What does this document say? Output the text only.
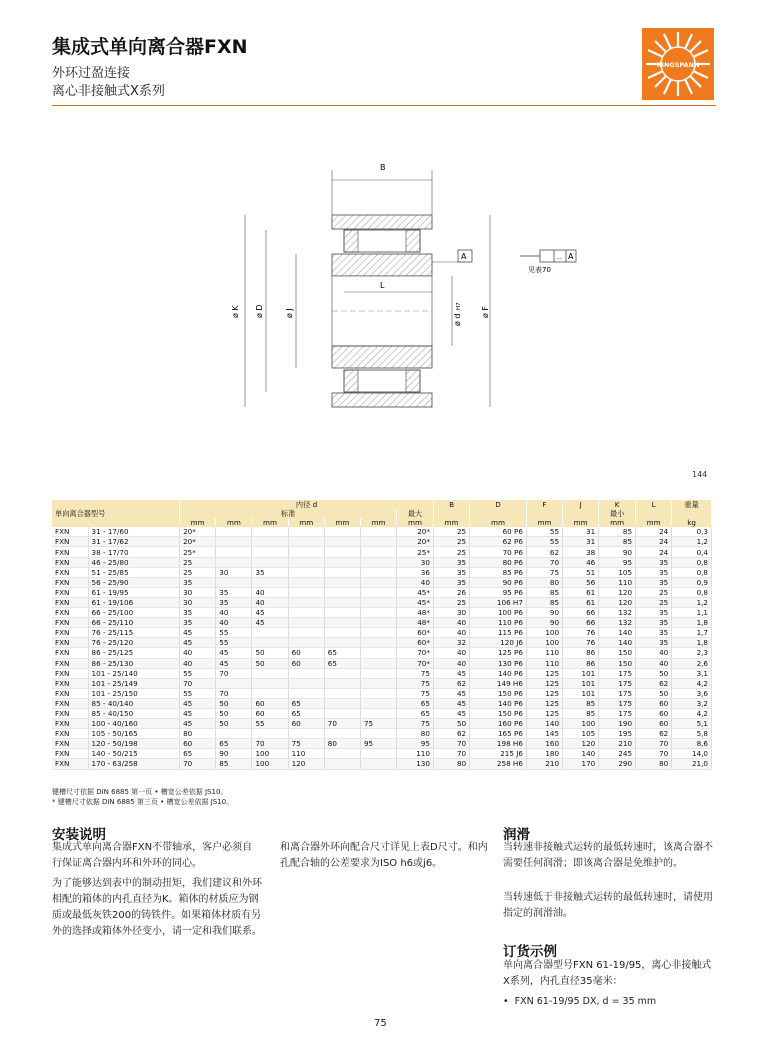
集成式单向离合器FXN
外环过盈连接
离心非接触式X系列
RINGSPANN
B
L
ø K ø D	ø J
ø d
H7 ø F
A	... A
见表70
144
单向离合器型号		内径 d							B	D	F	J	K	L	重量
		标准						最大					最小		
		mm	mm	mm	mm	mm	mm	mm	mm	mm	mm	mm	mm	mm	kg
FXN	31 - 17/60	20*						20*	25	60 P6	55	31	85	24	0,3
FXN	31 - 17/62	20*						20*	25	62 P6	55	31	85	24	1,2
FXN	38 - 17/70	25*						25*	25	70 P6	62	38	90	24	0,4
FXN	46 - 25/80	25						30	35	80 P6	70	46	95	35	0,8
FXN	51 - 25/85	25	30	35				36	35	85 P6	75	51	105	35	0,8
FXN	56 - 25/90	35						40	35	90 P6	80	56	110	35	0,9
FXN	61 - 19/95	30	35	40				45*	26	95 P6	85	61	120	25	0,8
FXN	61 - 19/106	30	35	40				45*	25	106 H7	85	61	120	25	1,2
FXN	66 - 25/100	35	40	45				48*	30	100 P6	90	66	132	35	1,1
FXN	66 - 25/110	35	40	45				48*	40	110 P6	90	66	132	35	1,8
FXN	76 - 25/115	45	55					60*	40	115 P6	100	76	140	35	1,7
FXN	76 - 25/120	45	55					60*	32	120 J6	100	76	140	35	1,8
FXN	86 - 25/125	40	45	50	60	65		70*	40	125 P6	110	86	150	40	2,3
FXN	86 - 25/130	40	45	50	60	65		70*	40	130 P6	110	86	150	40	2,6
FXN	101 - 25/140	55	70					75	45	140 P6	125	101	175	50	3,1
FXN	101 - 25/149	70						75	62	149 H6	125	101	175	62	4,2
FXN	101 - 25/150	55	70					75	45	150 P6	125	101	175	50	3,6
FXN	85 - 40/140	45	50	60	65			65	45	140 P6	125	85	175	60	3,2
FXN	85 - 40/150	45	50	60	65			65	45	150 P6	125	85	175	60	4,2
FXN	100 - 40/160	45	50	55	60	70	75	75	50	160 P6	140	100	190	60	5,1
FXN	105 - 50/165	80						80	62	165 P6	145	105	195	62	5,8
FXN	120 - 50/198	60	65	70	75	80	95	95	70	198 H6	160	120	210	70	8,6
FXN	140 - 50/215	65	90	100	110			110	70	215 J6	180	140	245	70	14,0
FXN	170 - 63/258	70	85	100	120			130	80	258 H6	210	170	290	80	21,0
键槽尺寸依据 DIN 6885 第一页 • 槽宽公差依据 JS10。
* 键槽尺寸依据 DIN 6885 第三页 • 槽宽公差依据 JS10。
安装说明
集成式单向离合器FXN不带轴承，客户必须自行保证离合器内环和外环的同心。
为了能够达到表中的制动扭矩，我们建议和外环相配的箱体的内孔直径为K。箱体的材质应为钢质或最低灰铁200的铸铁件。如果箱体材质有另外的选择或箱体外径变小，请一定和我们联系。
和离合器外环向配合尺寸详见上表D尺寸。和内孔配合轴的公差要求为ISO h6或j6。
润滑
当转速非接触式运转的最低转速时，该离合器不需要任何润滑；即该离合器是免维护的。
当转速低于非接触式运转的最低转速时，请使用指定的润滑油。
订货示例
单向离合器型号FXN 61-19/95，离心非接触式X系列，内孔直径35毫米：
•  FXN 61-19/95 DX, d = 35 mm
75
